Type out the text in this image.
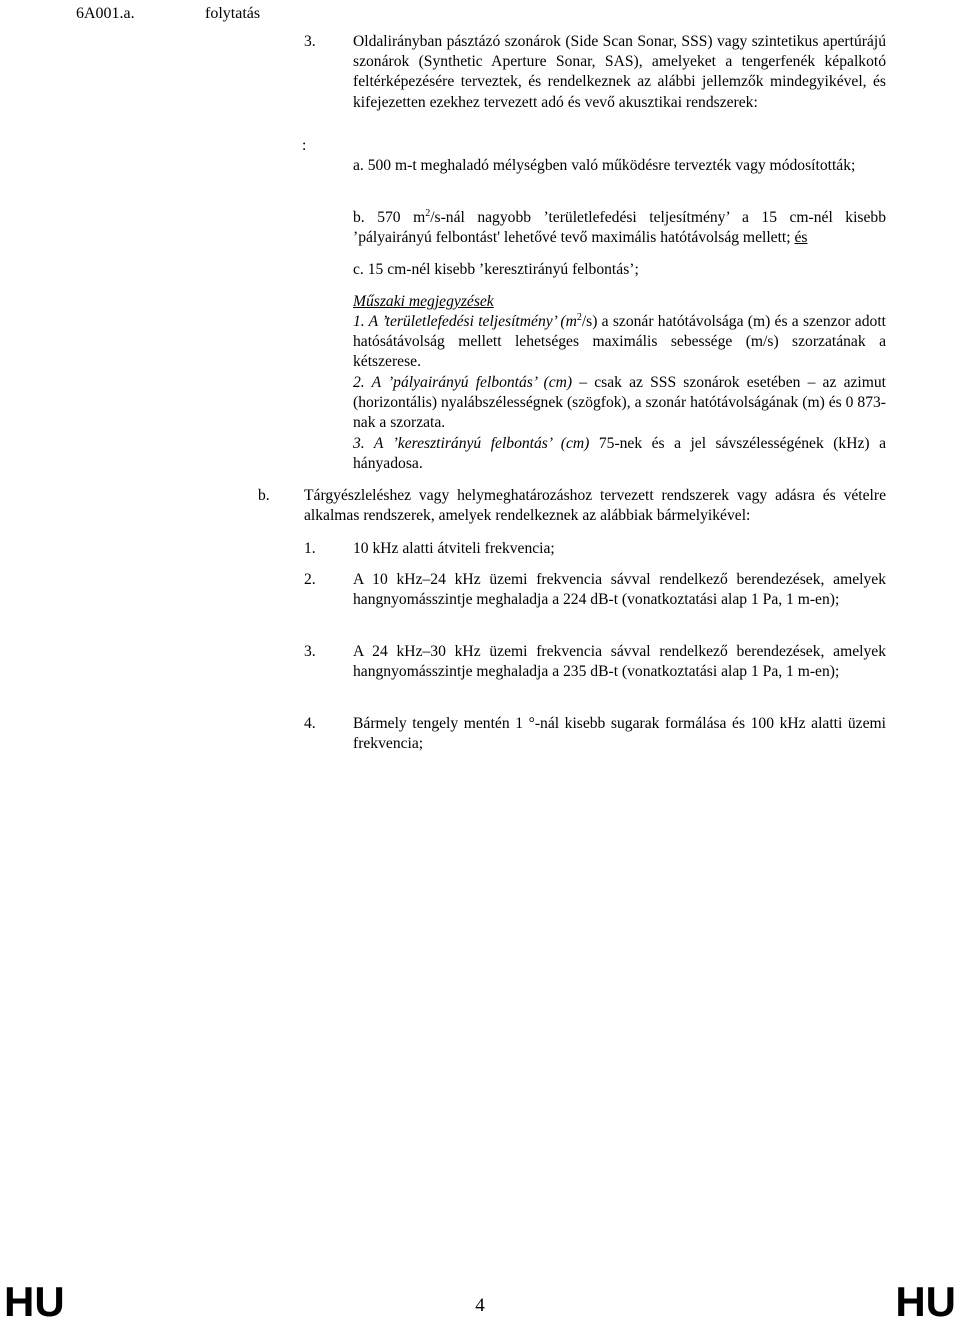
6A001.a.	folytatás
3. Oldalirányban pásztázó szonárok (Side Scan Sonar, SSS) vagy szintetikus apertúrájú szonárok (Synthetic Aperture Sonar, SAS), amelyeket a tengerfenék képalkotó feltérképezésére terveztek, és rendelkeznek az alábbi jellemzők mindegyikével, és kifejezetten ezekhez tervezett adó és vevő akusztikai rendszerek:

:

a. 500 m-t meghaladó mélységben való működésre tervezték vagy módosították;

b. 570 $m^2/s$-nál nagyobb ’területlefedési teljesítmény’ a 15 cm-nél kisebb ’pályairányú felbontást' lehetővé tevő maximális hatótávolság mellett; és

c. 15 cm-nél kisebb ’keresztirányú felbontás’;

Műszaki megjegyzések

1. A ’területlefedési teljesítmény’ $(m^2/s)$ a szonár hatótávolsága (m) és a szenzor adott hatósátávolság mellett lehetséges maximális sebessége (m/s) szorzatának a kétszerese.

2. A ’pályairányú felbontás’ (cm) – csak az SSS szonárok esetében – az azimut (horizontális) nyalábszélességnek (szögfok), a szonár hatótávolságának (m) és 0 873-nak a szorzata.

3. A ’keresztirányú felbontás’ (cm) 75-nek és a jel sávszélességének (kHz) a hányadosa.

b. Tárgyészleléshez vagy helymeghatározáshoz tervezett rendszerek vagy adásra és vételre alkalmas rendszerek, amelyek rendelkeznek az alábbiak bármelyikével:

1. 10 kHz alatti átviteli frekvencia;
2. A 10 kHz–24 kHz üzemi frekvencia sávval rendelkező berendezések, amelyek hangnyomásszintje meghaladja a 224 dB-t (vonatkoztatási alap 1 Pa, 1 m-en);

3. A 24 kHz–30 kHz üzemi frekvencia sávval rendelkező berendezések, amelyek hangnyomásszintje meghaladja a 235 dB-t (vonatkoztatási alap 1 Pa, 1 m-en);

4. Bármely tengely mentén 1 °-nál kisebb sugarak formálása és 100 kHz alatti üzemi frekvencia;

HU	4	HU
